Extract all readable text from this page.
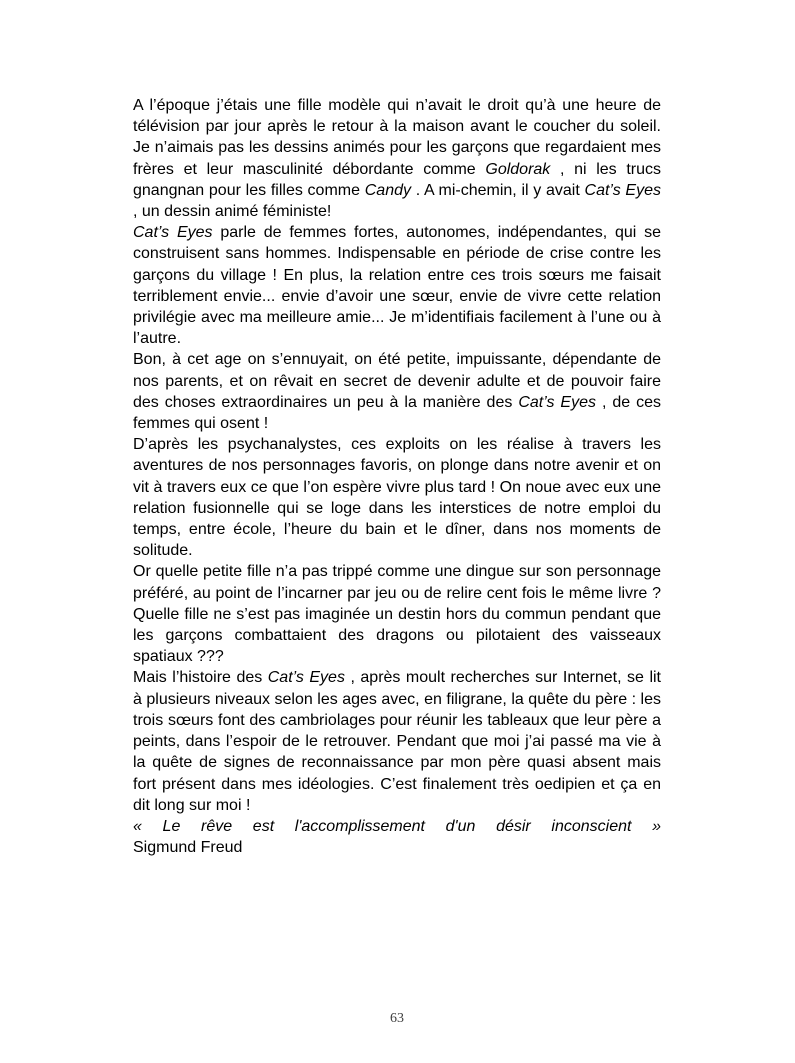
A l’époque j’étais une fille modèle qui n’avait le droit qu’à une heure de télévision par jour après le retour à la maison avant le coucher du soleil. Je n’aimais pas les dessins animés pour les garçons que regardaient mes frères et leur masculinité débordante comme Goldorak , ni les trucs gnangnan pour les filles comme Candy . A mi-chemin, il y avait Cat’s Eyes , un dessin animé féministe!

Cat’s Eyes parle de femmes fortes, autonomes, indépendantes, qui se construisent sans hommes. Indispensable en période de crise contre les garçons du village ! En plus, la relation entre ces trois sœurs me faisait terriblement envie... envie d’avoir une sœur, envie de vivre cette relation privilégie avec ma meilleure amie... Je m’identifiais facilement à l’une ou à l’autre.

Bon, à cet age on s’ennuyait, on été petite, impuissante, dépendante de nos parents, et on rêvait en secret de devenir adulte et de pouvoir faire des choses extraordinaires un peu à la manière des Cat’s Eyes , de ces femmes qui osent !

D’après les psychanalystes, ces exploits on les réalise à travers les aventures de nos personnages favoris, on plonge dans notre avenir et on vit à travers eux ce que l’on espère vivre plus tard ! On noue avec eux une relation fusionnelle qui se loge dans les interstices de notre emploi du temps, entre école, l’heure du bain et le dîner, dans nos moments de solitude.

Or quelle petite fille n’a pas trippé comme une dingue sur son personnage préféré, au point de l’incarner par jeu ou de relire cent fois le même livre ? Quelle fille ne s’est pas imaginée un destin hors du commun pendant que les garçons combattaient des dragons ou pilotaient des vaisseaux spatiaux ???

Mais l’histoire des Cat’s Eyes , après moult recherches sur Internet, se lit à plusieurs niveaux selon les ages avec, en filigrane, la quête du père : les trois sœurs font des cambriolages pour réunir les tableaux que leur père a peints, dans l’espoir de le retrouver. Pendant que moi j’ai passé ma vie à la quête de signes de reconnaissance par mon père quasi absent mais fort présent dans mes idéologies. C’est finalement très oedipien et ça en dit long sur moi !

« Le rêve est l'accomplissement d'un désir inconscient »

Sigmund Freud

63
